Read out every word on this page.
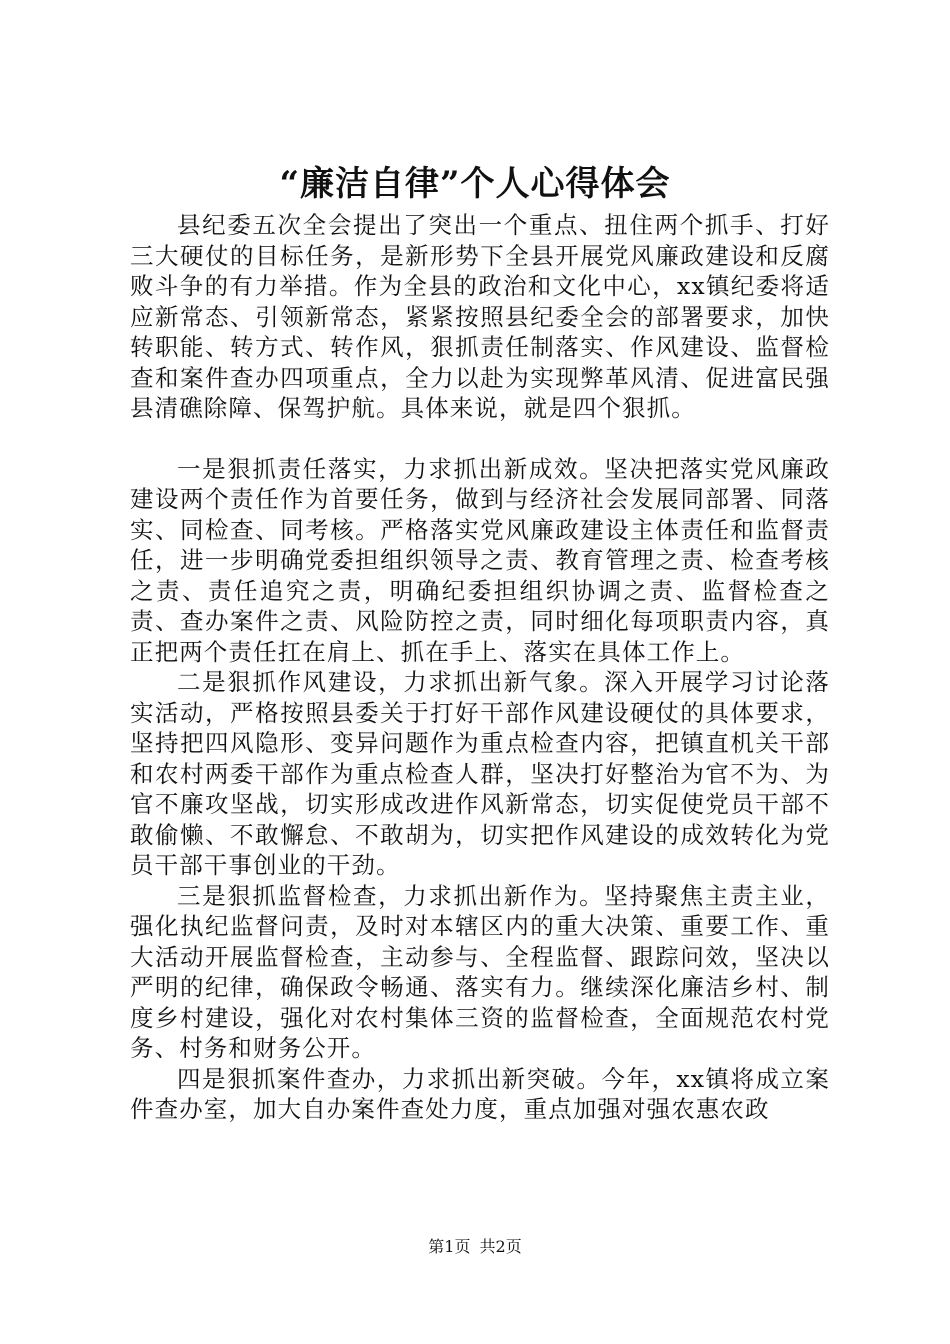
“廉洁自律”个人心得体会

县纪委五次全会提出了突出一个重点、扭住两个抓手、打好三大硬仗的目标任务，是新形势下全县开展党风廉政建设和反腐败斗争的有力举措。作为全县的政治和文化中心，xx镇纪委将适应新常态、引领新常态，紧紧按照县纪委全会的部署要求，加快转职能、转方式、转作风，狠抓责任制落实、作风建设、监督检查和案件查办四项重点，全力以赴为实现弊革风清、促进富民强县清礁除障、保驾护航。具体来说，就是四个狠抓。

一是狠抓责任落实，力求抓出新成效。坚决把落实党风廉政建设两个责任作为首要任务，做到与经济社会发展同部署、同落实、同检查、同考核。严格落实党风廉政建设主体责任和监督责任，进一步明确党委担组织领导之责、教育管理之责、检查考核之责、责任追究之责，明确纪委担组织协调之责、监督检查之责、查办案件之责、风险防控之责，同时细化每项职责内容，真正把两个责任扛在肩上、抓在手上、落实在具体工作上。

二是狠抓作风建设，力求抓出新气象。深入开展学习讨论落实活动，严格按照县委关于打好干部作风建设硬仗的具体要求，坚持把四风隐形、变异问题作为重点检查内容，把镇直机关干部和农村两委干部作为重点检查人群，坚决打好整治为官不为、为官不廉攻坚战，切实形成改进作风新常态，切实促使党员干部不敢偷懒、不敢懈怠、不敢胡为，切实把作风建设的成效转化为党员干部干事创业的干劲。

三是狠抓监督检查，力求抓出新作为。坚持聚焦主责主业，强化执纪监督问责，及时对本辖区内的重大决策、重要工作、重大活动开展监督检查，主动参与、全程监督、跟踪问效，坚决以严明的纪律，确保政令畅通、落实有力。继续深化廉洁乡村、制度乡村建设，强化对农村集体三资的监督检查，全面规范农村党务、村务和财务公开。

四是狠抓案件查办，力求抓出新突破。今年，xx镇将成立案件查办室，加大自办案件查处力度，重点加强对强农惠农政

第1页 共2页
